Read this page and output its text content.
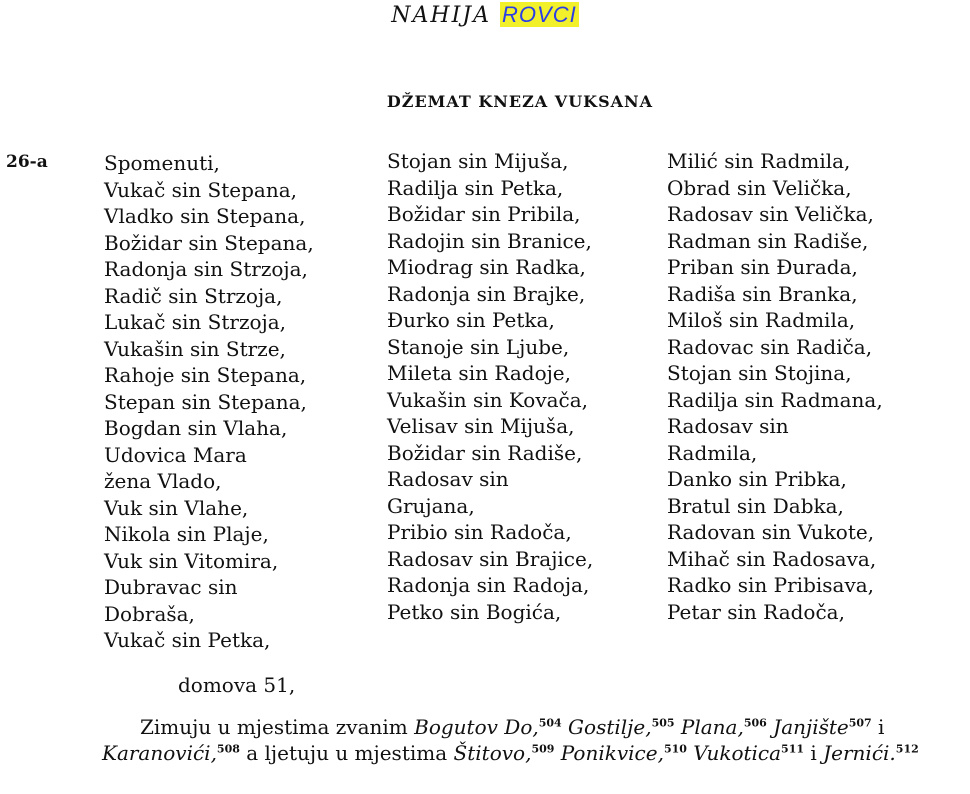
NAHIJA ROVCI
DŽEMAT KNEZA VUKSANA
26-a	Spomenuti,
Vukač sin Stepana,
Vladko sin Stepana,
Božidar sin Stepana,
Radonja sin Strzoja,
Radič sin Strzoja,
Lukač sin Strzoja,
Vukašin sin Strze,
Rahoje sin Stepana,
Stepan sin Stepana,
Bogdan sin Vlaha,
Udovica Mara
žena Vlado,
Vuk sin Vlahe,
Nikola sin Plaje,
Vuk sin Vitomira,
Dubravac sin
Dobraša,
Vukač sin Petka,
Stojan sin Mijuša,
Radilja sin Petka,
Božidar sin Pribila,
Radojin sin Branice,
Miodrag sin Radka,
Radonja sin Brajke,
Đurko sin Petka,
Stanoje sin Ljube,
Mileta sin Radoje,
Vukašin sin Kovača,
Velisav sin Mijuša,
Božidar sin Radiše,
Radosav sin
Grujana,
Pribio sin Radoča,
Radosav sin Brajice,
Radonja sin Radoja,
Petko sin Bogića,
Milić sin Radmila,
Obrad sin Velička,
Radosav sin Velička,
Radman sin Radiše,
Priban sin Đurada,
Radiša sin Branka,
Miloš sin Radmila,
Radovac sin Radiča,
Stojan sin Stojina,
Radilja sin Radmana,
Radosav sin
Radmila,
Danko sin Pribka,
Bratul sin Dabka,
Radovan sin Vukote,
Mihač sin Radosava,
Radko sin Pribisava,
Petar sin Radoča,
domova 51,
Zimuju u mjestima zvanim Bogutov Do,$^{504}$ Gostilje,$^{505}$ Plana,$^{506}$ Janjište$^{507}$ i Karanovići,$^{508}$ a ljetuju u mjestima Štitovo,$^{509}$ Ponikvice,$^{510}$ Vukotica$^{511}$ i Jernići.$^{512}$
